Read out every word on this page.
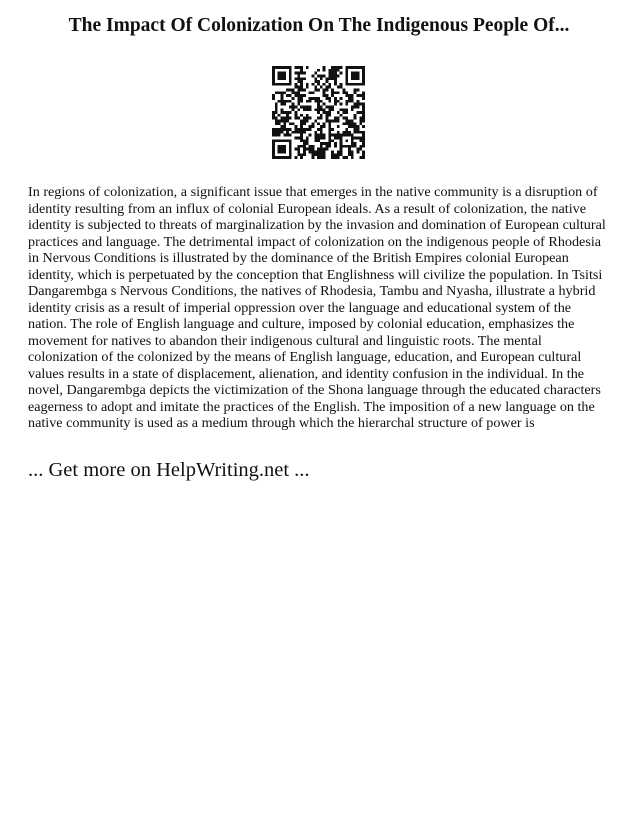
The Impact Of Colonization On The Indigenous People Of...

In regions of colonization, a significant issue that emerges in the native community is a disruption of identity resulting from an influx of colonial European ideals. As a result of colonization, the native identity is subjected to threats of marginalization by the invasion and domination of European cultural practices and language. The detrimental impact of colonization on the indigenous people of Rhodesia in Nervous Conditions is illustrated by the dominance of the British Empires colonial European identity, which is perpetuated by the conception that Englishness will civilize the population. In Tsitsi Dangarembga s Nervous Conditions, the natives of Rhodesia, Tambu and Nyasha, illustrate a hybrid identity crisis as a result of imperial oppression over the language and educational system of the nation. The role of English language and culture, imposed by colonial education, emphasizes the movement for natives to abandon their indigenous cultural and linguistic roots. The mental colonization of the colonized by the means of English language, education, and European cultural values results in a state of displacement, alienation, and identity confusion in the individual. In the novel, Dangarembga depicts the victimization of the Shona language through the educated characters eagerness to adopt and imitate the practices of the English. The imposition of a new language on the native community is used as a medium through which the hierarchal structure of power is

... Get more on HelpWriting.net ...
